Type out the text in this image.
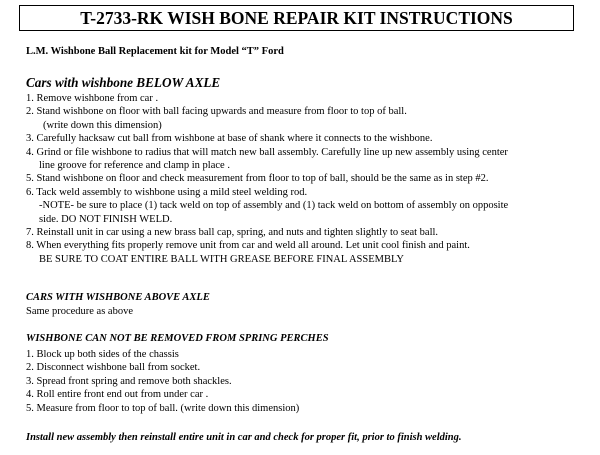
T-2733-RK WISH BONE REPAIR KIT INSTRUCTIONS
L.M. Wishbone Ball Replacement kit for Model “T” Ford
Cars with wishbone BELOW AXLE
1. Remove wishbone from car .
2. Stand wishbone on floor with ball facing upwards and measure from floor to top of ball.
(write down this dimension)
3. Carefully hacksaw cut ball from wishbone at base of shank where it connects to the wishbone.
4. Grind or file wishbone to radius that will match new ball assembly. Carefully line up new assembly using center
line groove for reference and clamp in place .
5. Stand wishbone on floor and check measurement from floor to top of ball, should be the same as in step #2.
6. Tack weld assembly to wishbone using a mild steel welding rod.
-NOTE- be sure to place (1) tack weld on top of assembly and (1) tack weld on bottom of assembly on opposite
side. DO NOT FINISH WELD.
7. Reinstall unit in car using a new brass ball cap, spring, and nuts and tighten slightly to seat ball.
8. When everything fits properly remove unit from car and weld all around. Let unit cool finish and paint.
BE SURE TO COAT ENTIRE BALL WITH GREASE BEFORE FINAL ASSEMBLY
CARS WITH WISHBONE ABOVE AXLE
Same procedure as above
WISHBONE CAN NOT BE REMOVED FROM SPRING PERCHES
1. Block up both sides of the chassis
2. Disconnect wishbone ball from socket.
3. Spread front spring and remove both shackles.
4. Roll entire front end out from under car .
5. Measure from floor to top of ball. (write down this dimension)
Install new assembly then reinstall entire unit in car and check for proper fit, prior to finish welding.
